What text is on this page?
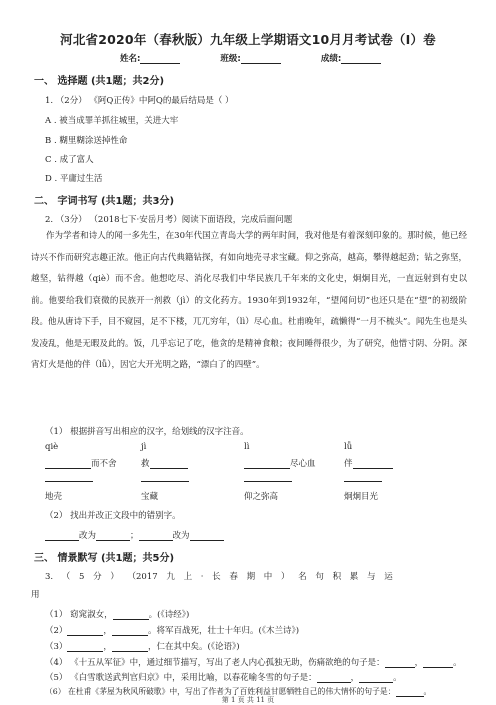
河北省2020年（春秋版）九年级上学期语文10月月考试卷（I）卷
姓名:	班级:	成绩:
一、 选择题 (共1题；共2分)
1. （2分） 《阿Q正传》中阿Q的最后结局是（ ）
A . 被当成罪羊抓往城里，关进大牢
B . 糊里糊涂送掉性命
C . 成了富人
D . 平庸过生活
二、 字词书写 (共1题；共3分)
2. （3分） （2018七下·安岳月考）阅读下面语段，完成后面问题
作为学者和诗人的闻一多先生，在30年代国立青岛大学的两年时间，我对他是有着深刻印象的。那时候，他已经诗兴不作而研究志趣正浓。他正向古代典籍钻探，有如向地壳寻求宝藏。仰之弥高，越高，攀得越起劲；钻之弥坚，越坚，钻得越（qiè）而不舍。他想吃尽、消化尽我们中华民族几千年来的文化史，炯炯目光，一直远射到有史以前。他要给我们衰微的民族开一剂救（jì）的文化药方。1930年到1932年，“望闻问切”也还只是在“望”的初级阶段。他从唐诗下手，目不窥园，足不下楼，兀兀穷年，（lì）尽心血。杜甫晚年，疏懒得“一月不梳头”。闻先生也是头发凌乱，他是无暇及此的。饭，几乎忘记了吃，他贪的是精神食粮；夜间睡得很少，为了研究，他惜寸阴、分阴。深宵灯火是他的伴（lǚ），因它大开光明之路，“漂白了的四壁”。
（1） 根据拼音写出相应的汉字，给划线的汉字注音。
qiè	jì	lì	lǚ
而不舍	救	尽心血	伴
地壳	宝藏	仰之弥高	炯炯目光
（2） 找出并改正文段中的错别字。
改为	；	改为
三、 情景默写 (共1题；共5分)
3. （ 5 分 ） （2017 九 上 · 长 春 期 中 ） 名 句 积 累 与 运
用
（1） 窈窕淑女，	。(《诗经》)
（2）	，	。将军百战死，壮士十年归。(《木兰诗》)
（3）	，	，仁在其中矣。(《论语》)
（4） 《十五从军征》中，通过细节描写，写出了老人内心孤独无助，伤痛欲绝的句子是：	，	。
（5） 《白雪歌送武判官归京》中，采用比喻，以春花喻冬雪的句子是：	，	。
（6） 在杜甫《茅屋为秋风所破歌》中，写出了作者为了百姓利益甘愿牺牲自己的伟大情怀的句子是：	。
第 1 页 共 11 页
